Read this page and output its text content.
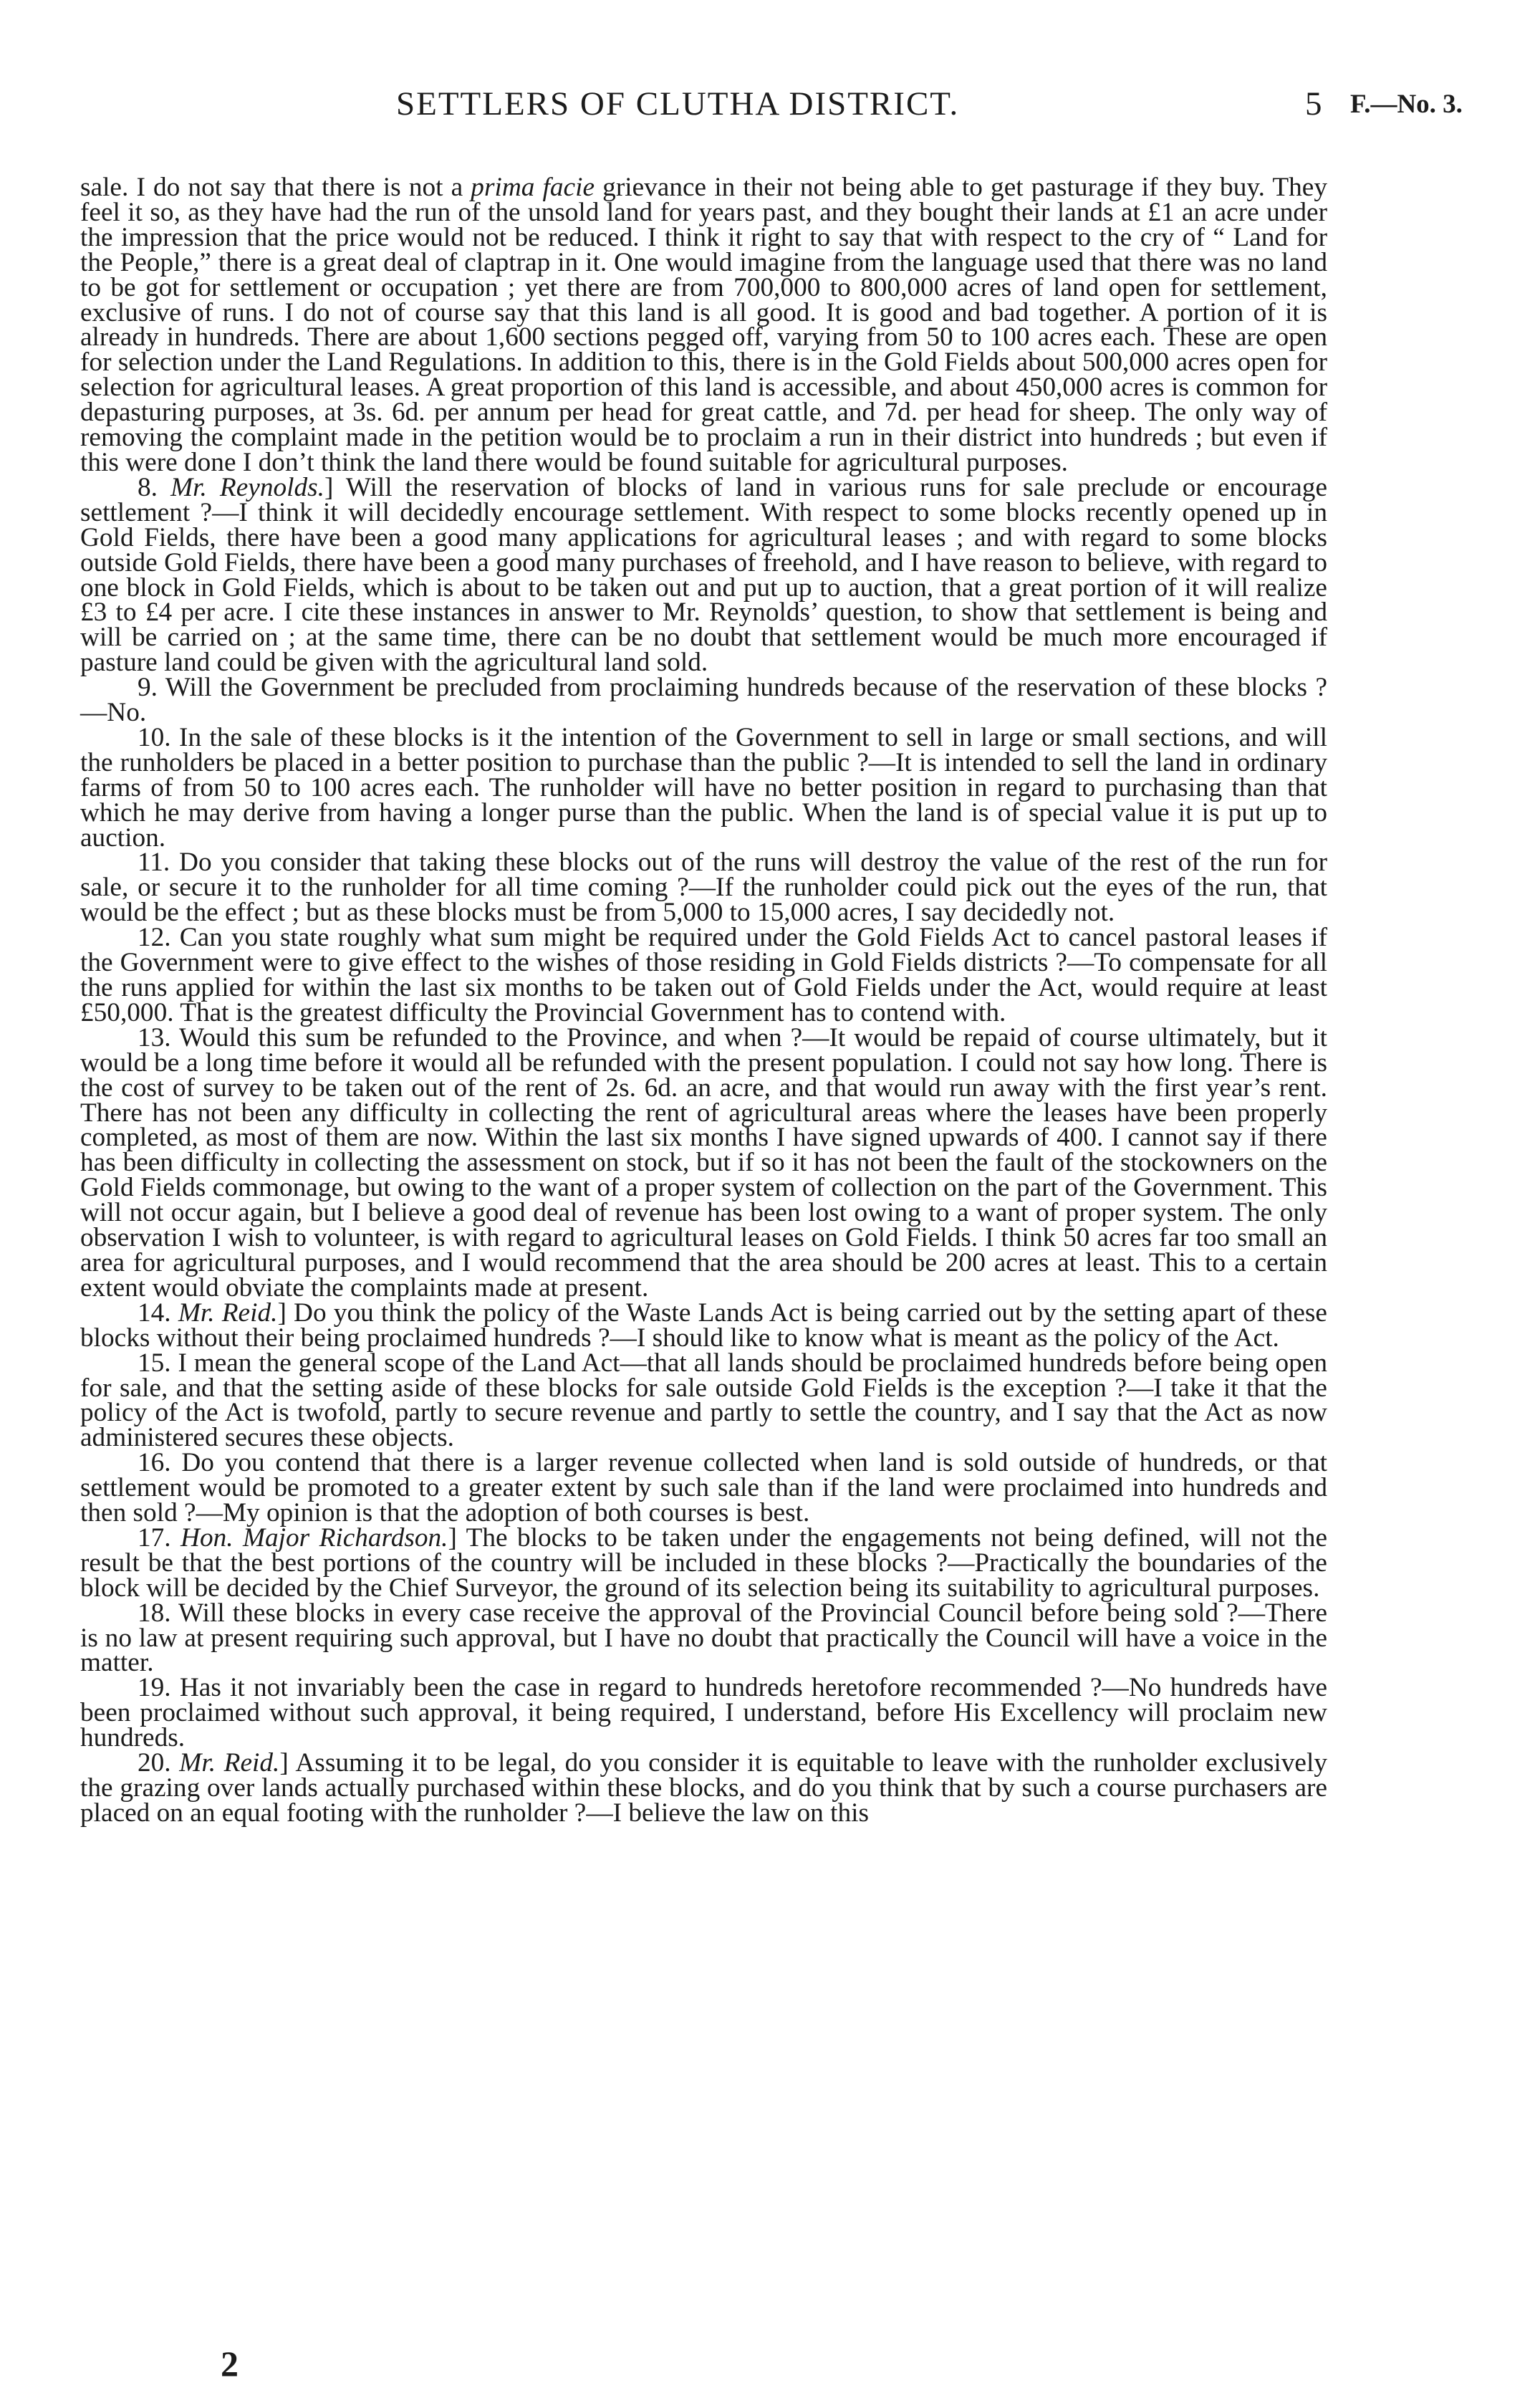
SETTLERS OF CLUTHA DISTRICT.	5 F.—No. 3.

sale. I do not say that there is not a prima facie grievance in their not being able to get pasturage if they buy. They feel it so, as they have had the run of the unsold land for years past, and they bought their lands at £1 an acre under the impression that the price would not be reduced. I think it right to say that with respect to the cry of “ Land for the People,” there is a great deal of claptrap in it. One would imagine from the language used that there was no land to be got for settlement or occupation ; yet there are from 700,000 to 800,000 acres of land open for settlement, exclusive of runs. I do not of course say that this land is all good. It is good and bad together. A portion of it is already in hundreds. There are about 1,600 sections pegged off, varying from 50 to 100 acres each. These are open for selection under the Land Regulations. In addition to this, there is in the Gold Fields about 500,000 acres open for selection for agricultural leases. A great proportion of this land is accessible, and about 450,000 acres is common for depasturing purposes, at 3s. 6d. per annum per head for great cattle, and 7d. per head for sheep. The only way of removing the complaint made in the petition would be to proclaim a run in their district into hundreds ; but even if this were done I don’t think the land there would be found suitable for agricultural purposes.

8. Mr. Reynolds.] Will the reservation of blocks of land in various runs for sale preclude or encourage settlement ?—I think it will decidedly encourage settlement. With respect to some blocks recently opened up in Gold Fields, there have been a good many applications for agricultural leases ; and with regard to some blocks outside Gold Fields, there have been a good many purchases of freehold, and I have reason to believe, with regard to one block in Gold Fields, which is about to be taken out and put up to auction, that a great portion of it will realize £3 to £4 per acre. I cite these instances in answer to Mr. Reynolds’ question, to show that settlement is being and will be carried on ; at the same time, there can be no doubt that settlement would be much more encouraged if pasture land could be given with the agricultural land sold.

9. Will the Government be precluded from proclaiming hundreds because of the reservation of these blocks ?—No.

10. In the sale of these blocks is it the intention of the Government to sell in large or small sections, and will the runholders be placed in a better position to purchase than the public ?—It is intended to sell the land in ordinary farms of from 50 to 100 acres each. The runholder will have no better position in regard to purchasing than that which he may derive from having a longer purse than the public. When the land is of special value it is put up to auction.

11. Do you consider that taking these blocks out of the runs will destroy the value of the rest of the run for sale, or secure it to the runholder for all time coming ?—If the runholder could pick out the eyes of the run, that would be the effect ; but as these blocks must be from 5,000 to 15,000 acres, I say decidedly not.

12. Can you state roughly what sum might be required under the Gold Fields Act to cancel pastoral leases if the Government were to give effect to the wishes of those residing in Gold Fields districts ?—To compensate for all the runs applied for within the last six months to be taken out of Gold Fields under the Act, would require at least £50,000. That is the greatest difficulty the Provincial Government has to contend with.

13. Would this sum be refunded to the Province, and when ?—It would be repaid of course ultimately, but it would be a long time before it would all be refunded with the present population. I could not say how long. There is the cost of survey to be taken out of the rent of 2s. 6d. an acre, and that would run away with the first year’s rent. There has not been any difficulty in collecting the rent of agricultural areas where the leases have been properly completed, as most of them are now. Within the last six months I have signed upwards of 400. I cannot say if there has been difficulty in collecting the assessment on stock, but if so it has not been the fault of the stockowners on the Gold Fields commonage, but owing to the want of a proper system of collection on the part of the Government. This will not occur again, but I believe a good deal of revenue has been lost owing to a want of proper system. The only observation I wish to volunteer, is with regard to agricultural leases on Gold Fields. I think 50 acres far too small an area for agricultural purposes, and I would recommend that the area should be 200 acres at least. This to a certain extent would obviate the complaints made at present.

14. Mr. Reid.] Do you think the policy of the Waste Lands Act is being carried out by the setting apart of these blocks without their being proclaimed hundreds ?—I should like to know what is meant as the policy of the Act.

15. I mean the general scope of the Land Act—that all lands should be proclaimed hundreds before being open for sale, and that the setting aside of these blocks for sale outside Gold Fields is the exception ?—I take it that the policy of the Act is twofold, partly to secure revenue and partly to settle the country, and I say that the Act as now administered secures these objects.

16. Do you contend that there is a larger revenue collected when land is sold outside of hundreds, or that settlement would be promoted to a greater extent by such sale than if the land were proclaimed into hundreds and then sold ?—My opinion is that the adoption of both courses is best.

17. Hon. Major Richardson.] The blocks to be taken under the engagements not being defined, will not the result be that the best portions of the country will be included in these blocks ?—Practically the boundaries of the block will be decided by the Chief Surveyor, the ground of its selection being its suitability to agricultural purposes.

18. Will these blocks in every case receive the approval of the Provincial Council before being sold ?—There is no law at present requiring such approval, but I have no doubt that practically the Council will have a voice in the matter.

19. Has it not invariably been the case in regard to hundreds heretofore recommended ?—No hundreds have been proclaimed without such approval, it being required, I understand, before His Excellency will proclaim new hundreds.

20. Mr. Reid.] Assuming it to be legal, do you consider it is equitable to leave with the runholder exclusively the grazing over lands actually purchased within these blocks, and do you think that by such a course purchasers are placed on an equal footing with the runholder ?—I believe the law on this

2
